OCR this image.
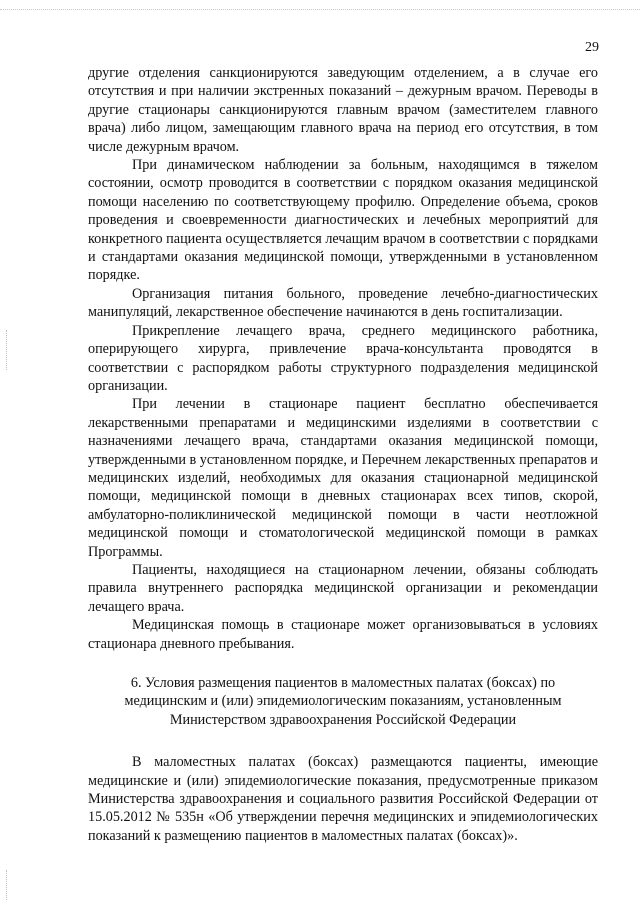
29

другие отделения санкционируются заведующим отделением, а в случае его отсутствия и при наличии экстренных показаний – дежурным врачом. Переводы в другие стационары санкционируются главным врачом (заместителем главного врача) либо лицом, замещающим главного врача на период его отсутствия, в том числе дежурным врачом.

При динамическом наблюдении за больным, находящимся в тяжелом состоянии, осмотр проводится в соответствии с порядком оказания медицинской помощи населению по соответствующему профилю. Определение объема, сроков проведения и своевременности диагностических и лечебных мероприятий для конкретного пациента осуществляется лечащим врачом в соответствии с порядками и стандартами оказания медицинской помощи, утвержденными в установленном порядке.

Организация питания больного, проведение лечебно-диагностических манипуляций, лекарственное обеспечение начинаются в день госпитализации.

Прикрепление лечащего врача, среднего медицинского работника, оперирующего хирурга, привлечение врача-консультанта проводятся в соответствии с распорядком работы структурного подразделения медицинской организации.

При лечении в стационаре пациент бесплатно обеспечивается лекарственными препаратами и медицинскими изделиями в соответствии с назначениями лечащего врача, стандартами оказания медицинской помощи, утвержденными в установленном порядке, и Перечнем лекарственных препаратов и медицинских изделий, необходимых для оказания стационарной медицинской помощи, медицинской помощи в дневных стационарах всех типов, скорой, амбулаторно-поликлинической медицинской помощи в части неотложной медицинской помощи и стоматологической медицинской помощи в рамках Программы.

Пациенты, находящиеся на стационарном лечении, обязаны соблюдать правила внутреннего распорядка медицинской организации и рекомендации лечащего врача.

Медицинская помощь в стационаре может организовываться в условиях стационара дневного пребывания.

6. Условия размещения пациентов в маломестных палатах (боксах) по
медицинским и (или) эпидемиологическим показаниям, установленным
Министерством здравоохранения Российской Федерации

В маломестных палатах (боксах) размещаются пациенты, имеющие медицинские и (или) эпидемиологические показания, предусмотренные приказом Министерства здравоохранения и социального развития Российской Федерации от 15.05.2012 № 535н «Об утверждении перечня медицинских и эпидемиологических показаний к размещению пациентов в маломестных палатах (боксах)».
